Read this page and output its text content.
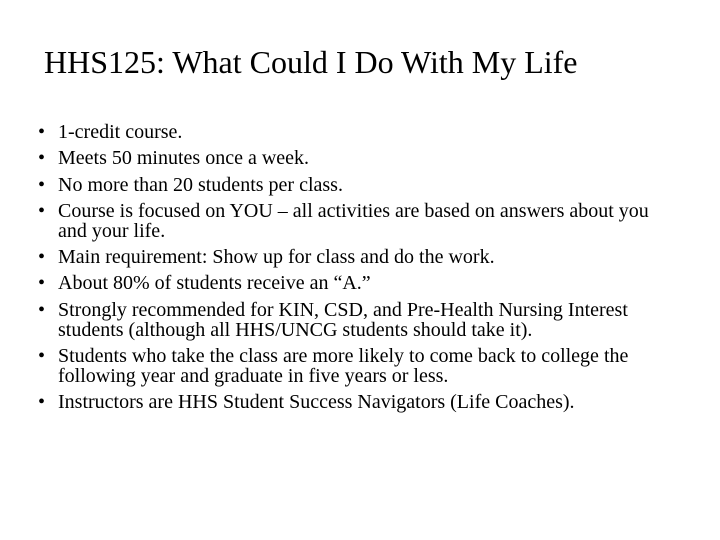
HHS125: What Could I Do With My Life
• 1-credit course.
• Meets 50 minutes once a week.
• No more than 20 students per class.
• Course is focused on YOU – all activities are based on answers about you and your life.
• Main requirement: Show up for class and do the work.
• About 80% of students receive an “A.”
• Strongly recommended for KIN, CSD, and Pre-Health Nursing Interest students (although all HHS/UNCG students should take it).
• Students who take the class are more likely to come back to college the following year and graduate in five years or less.
• Instructors are HHS Student Success Navigators (Life Coaches).
